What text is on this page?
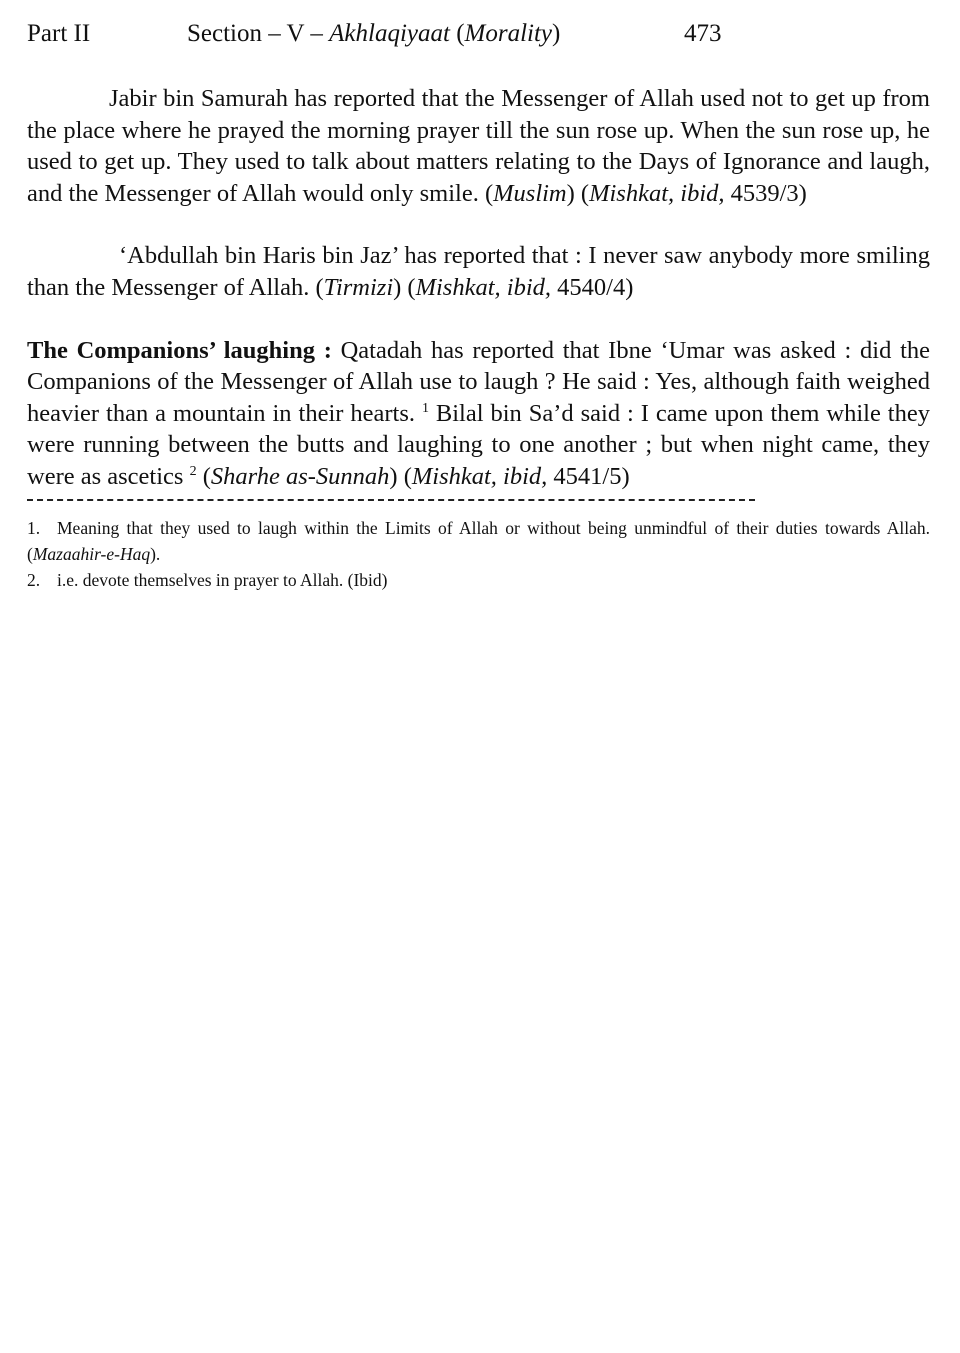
Part II	Section – V – Akhlaqiyaat (Morality)	473

Jabir bin Samurah has reported that the Messenger of Allah used not to get up from the place where he prayed the morning prayer till the sun rose up. When the sun rose up, he used to get up. They used to talk about matters relating to the Days of Ignorance and laugh, and the Messenger of Allah would only smile. (Muslim) (Mishkat, ibid, 4539/3)

‘Abdullah bin Haris bin Jaz’ has reported that : I never saw anybody more smiling than the Messenger of Allah. (Tirmizi) (Mishkat, ibid, 4540/4)

The Companions’ laughing : Qatadah has reported that Ibne ‘Umar was asked : did the Companions of the Messenger of Allah use to laugh ? He said : Yes, although faith weighed heavier than a mountain in their hearts. $^1$ Bilal bin Sa’d said : I came upon them while they were running between the butts and laughing to one another ; but when night came, they were as ascetics $^2$ (Sharhe as-Sunnah) (Mishkat, ibid, 4541/5)

1. Meaning that they used to laugh within the Limits of Allah or without being unmindful of their duties towards Allah. (Mazaahir-e-Haq).

2. i.e. devote themselves in prayer to Allah. (Ibid)
